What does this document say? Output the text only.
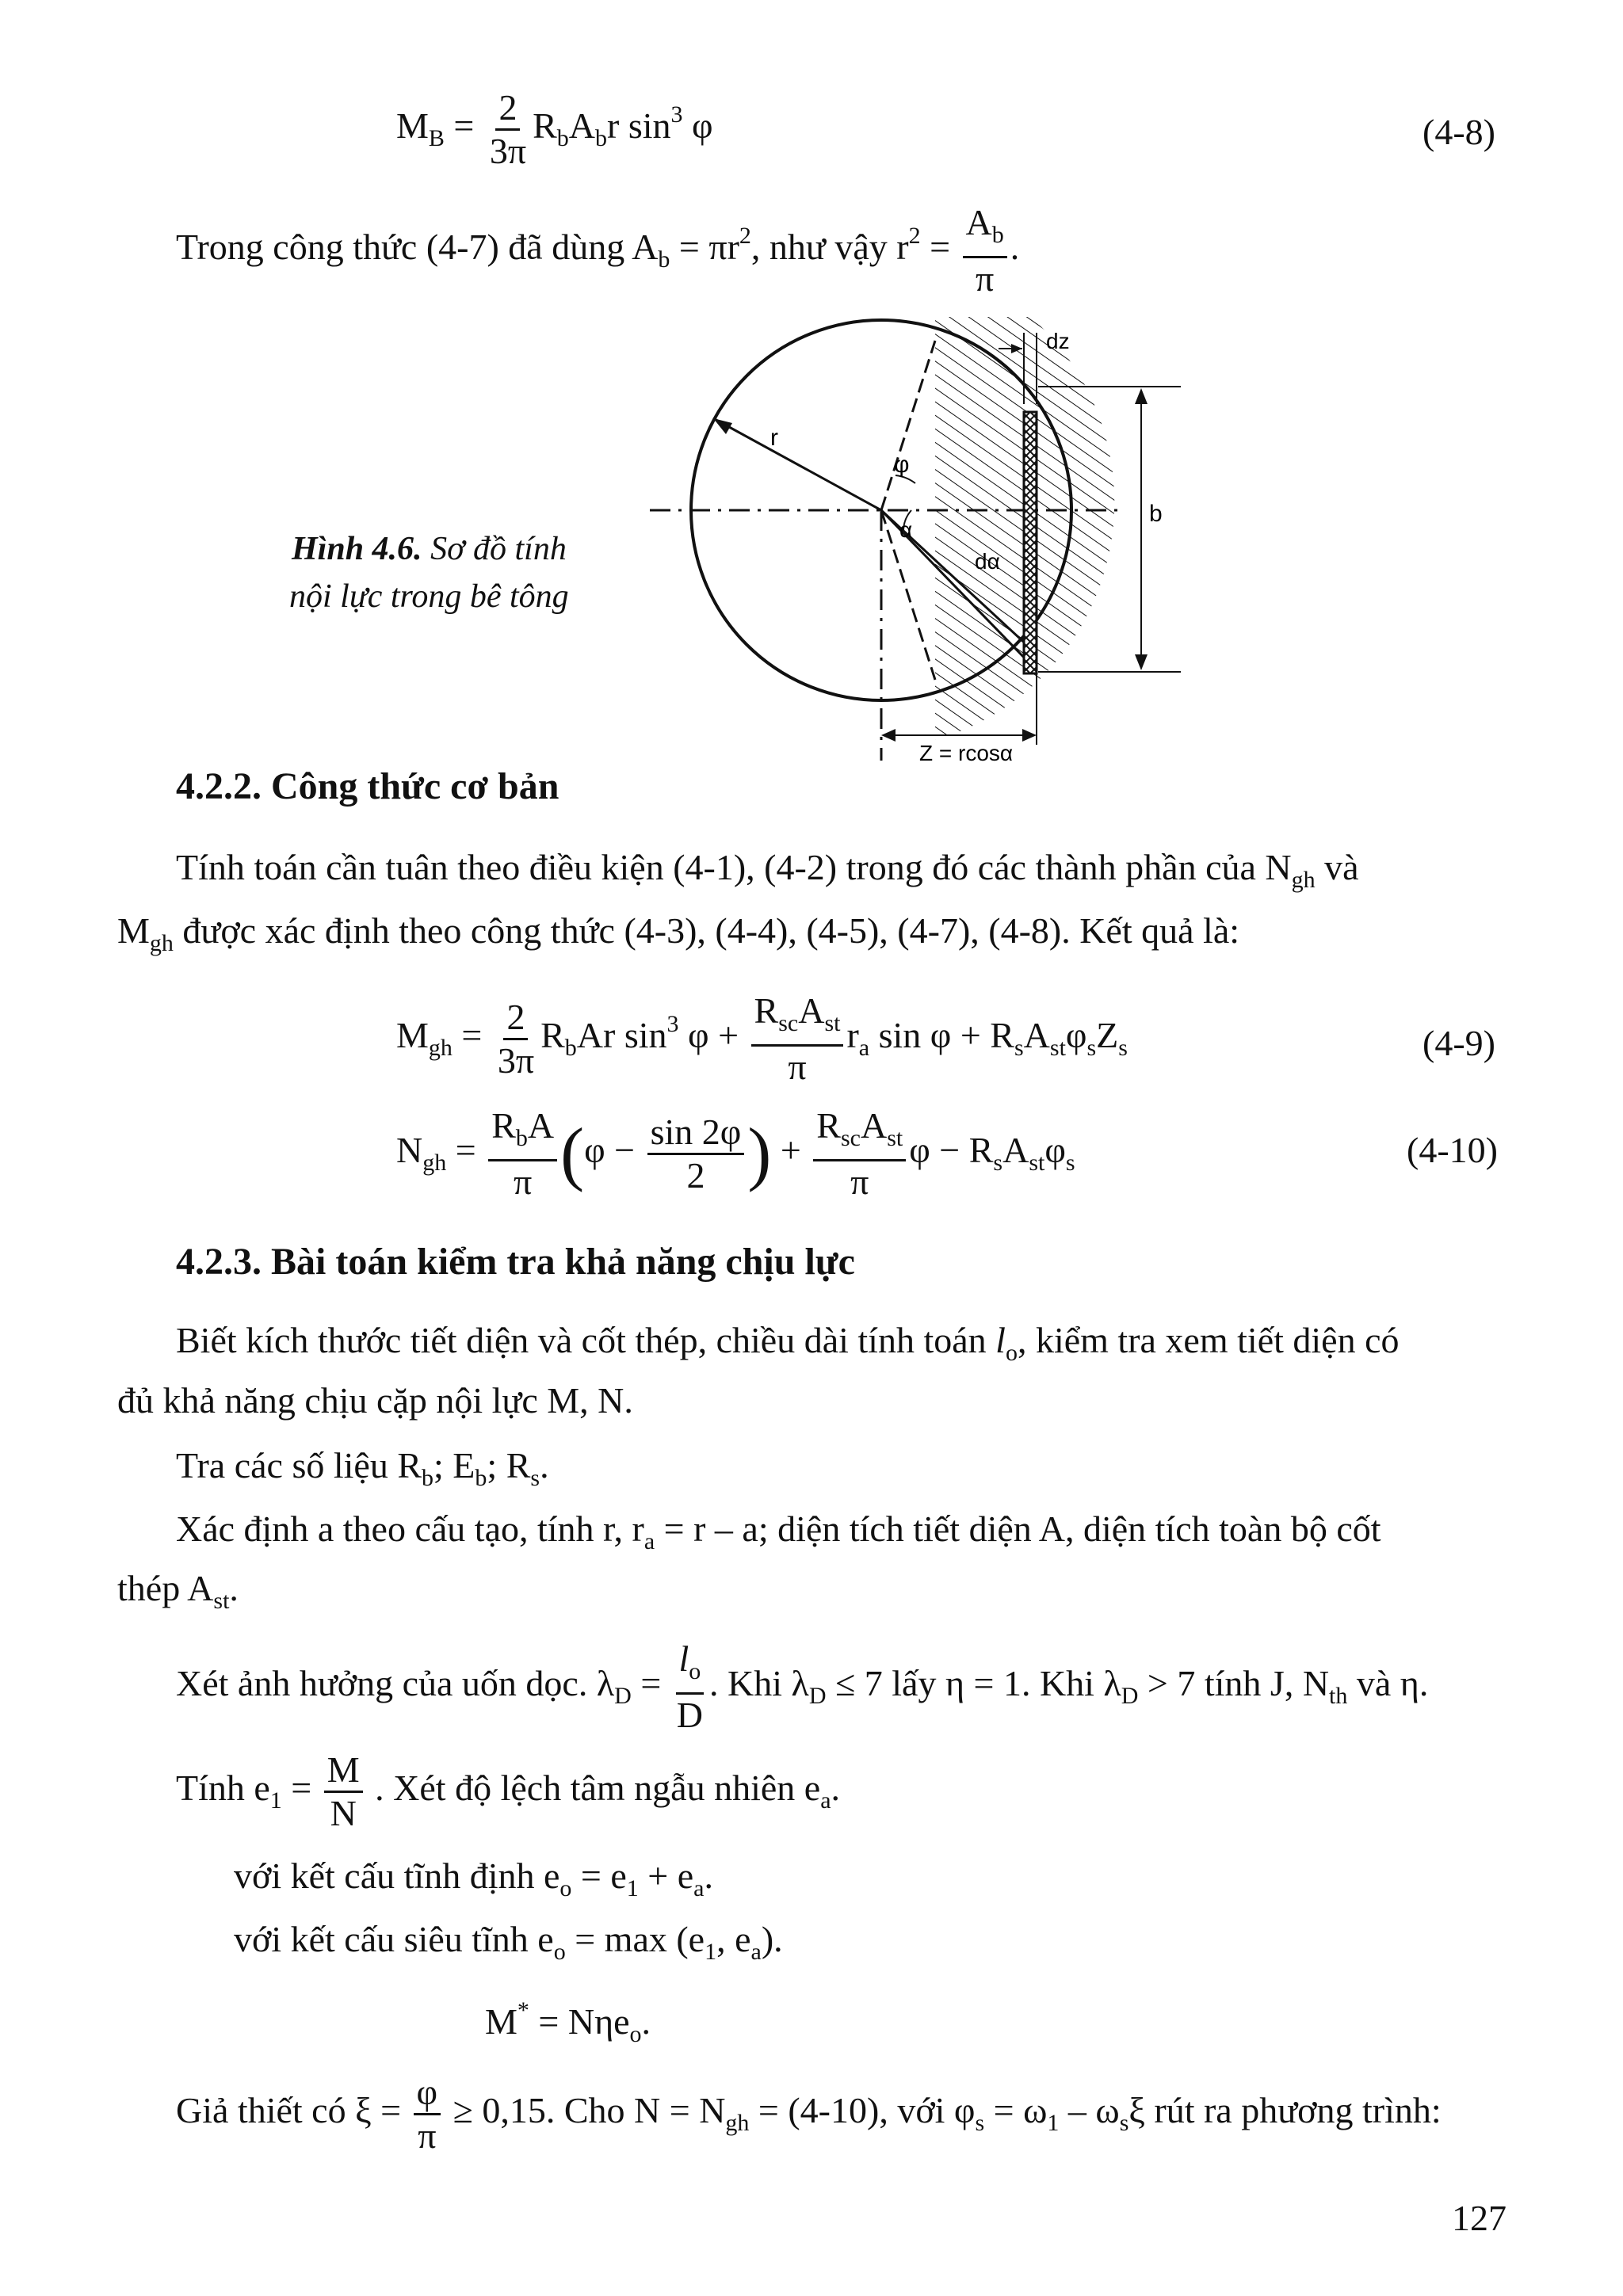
$M_B = \frac{2}{3\pi} R_bA_br$ $\sin^3 \varphi$	(4-8)
Trong công thức (4-7) đã dùng $A_b = \pi r^2$, như vậy $r^2 = \frac{A_b}{\pi}$ .
r
φ
α
dα
dz
b
Z = rcosα
Hình 4.6. Sơ đồ tính
nội lực trong bê tông
4.2.2. Công thức cơ bản
Tính toán cần tuân theo điều kiện (4-1), (4-2) trong đó các thành phần của $N_{gh}$ và
$M_{gh}$ được xác định theo công thức (4-3), (4-4), (4-5), (4-7), (4-8). Kết quả là:
$M_{gh} = \frac{2}{3\pi} R_bAr$ $\sin^3 \varphi + \frac{R_{sc}A_{st}}{\pi} r_a$ $\sin \varphi + R_sA_{st}\varphi_sZ_s$	(4-9)
$N_{gh} = \frac{R_bA}{\pi} (\varphi - \frac{\sin 2\varphi}{2}$ ) + $\frac{R_{sc}A_{st}}{\pi}$ $\varphi - R_sA_{st}\varphi_s$	(4-10)
4.2.3. Bài toán kiểm tra khả năng chịu lực
Biết kích thước tiết diện và cốt thép, chiều dài tính toán $l_o$, kiểm tra xem tiết diện có
đủ khả năng chịu cặp nội lực M, N.
Tra các số liệu $R_b$; $E_b$; $R_s$.
Xác định a theo cấu tạo, tính r, $r_a = r - a$; diện tích tiết diện A, diện tích toàn bộ cốt
thép $A_{st}$.
Xét ảnh hưởng của uốn dọc. $\lambda_D = \frac{l_o}{D}$ . Khi $\lambda_D \le 7$ lấy η = 1. Khi $\lambda_D > 7$ tính J, $N_{th}$ và η.
Tính $e_1 = \frac{M}{N}$ . Xét độ lệch tâm ngẫu nhiên $e_a$.
với kết cấu tĩnh định $e_o = e_1 + e_a$.
với kết cấu siêu tĩnh $e_o = \max (e_1$, $e_a$).
M* = Nηe$_o$.
Giả thiết có $\xi = \frac{\varphi}{\pi} \ge 0,15$. Cho $N = N_{gh} = (4-10)$, với $\varphi_s = \omega_1 - \omega_s\xi$ rút ra phương trình:
127
